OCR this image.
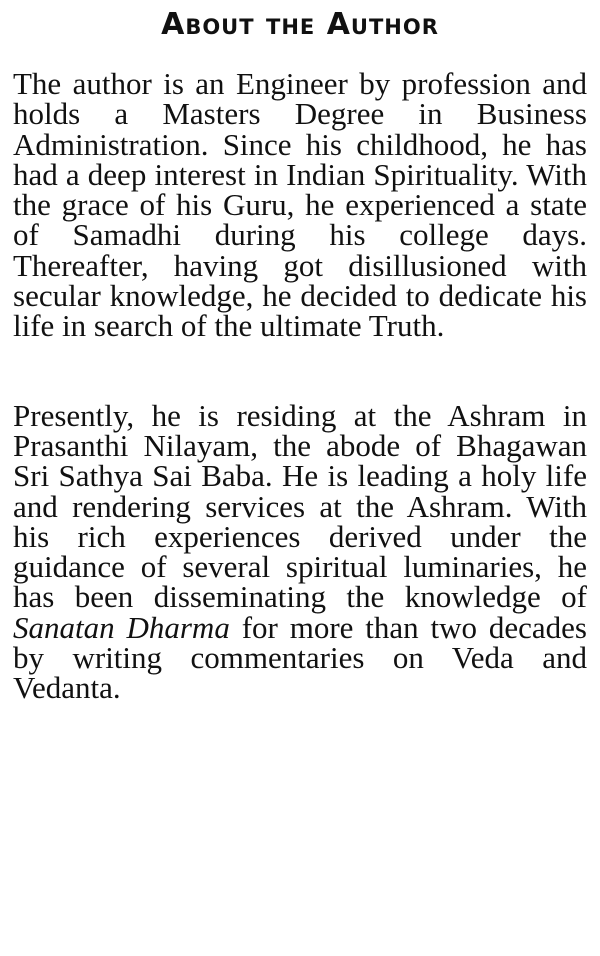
About the Author

The author is an Engineer by profession and holds a Masters Degree in Business Administration. Since his childhood, he has had a deep interest in Indian Spirituality. With the grace of his Guru, he experienced a state of Samadhi during his college days. Thereafter, having got disillusioned with secular knowledge, he decided to dedicate his life in search of the ultimate Truth.

Presently, he is residing at the Ashram in Prasanthi Nilayam, the abode of Bhagawan Sri Sathya Sai Baba. He is leading a holy life and rendering services at the Ashram. With his rich experiences derived under the guidance of several spiritual luminaries, he has been disseminating the knowledge of Sanatan Dharma for more than two decades by writing commentaries on Veda and Vedanta.
